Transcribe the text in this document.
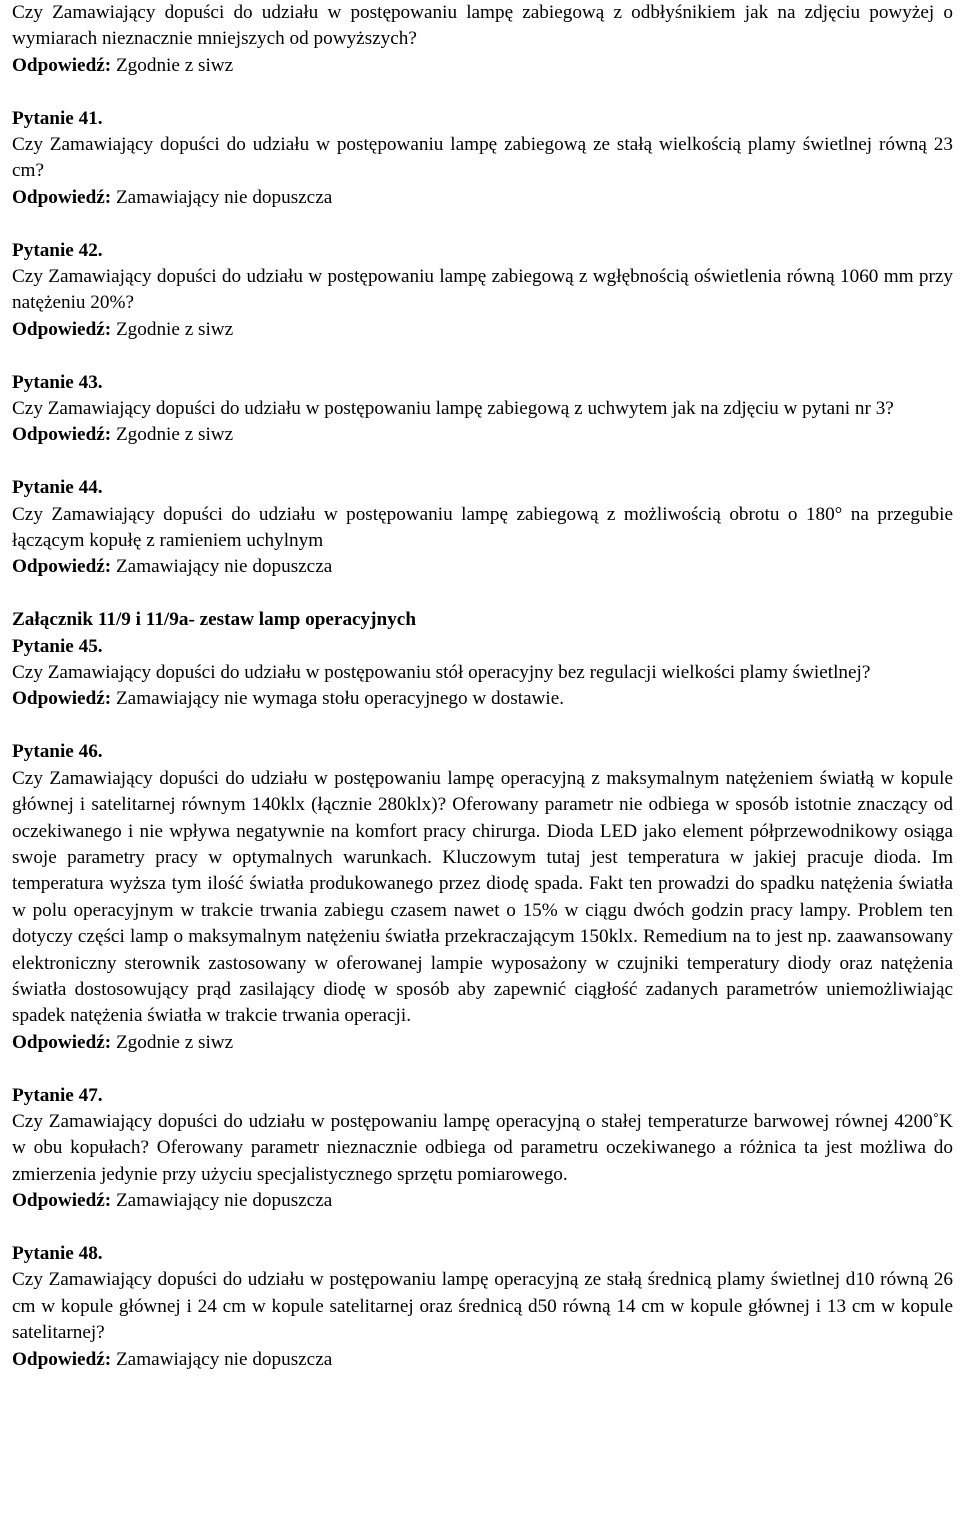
Czy Zamawiający dopuści do udziału w postępowaniu lampę zabiegową z odbłyśnikiem jak na zdjęciu powyżej o wymiarach nieznacznie mniejszych od powyższych?

Odpowiedź: Zgodnie z siwz

Pytanie 41.

Czy Zamawiający dopuści do udziału w postępowaniu lampę zabiegową ze stałą wielkością plamy świetlnej równą 23 cm?

Odpowiedź: Zamawiający nie dopuszcza

Pytanie 42.

Czy Zamawiający dopuści do udziału w postępowaniu lampę zabiegową z wgłębnością oświetlenia równą 1060 mm przy natężeniu 20%?

Odpowiedź: Zgodnie z siwz

Pytanie 43.

Czy Zamawiający dopuści do udziału w postępowaniu lampę zabiegową z uchwytem jak na zdjęciu w pytani nr 3?

Odpowiedź: Zgodnie z siwz

Pytanie 44.

Czy Zamawiający dopuści do udziału w postępowaniu lampę zabiegową z możliwością obrotu o 180° na przegubie łączącym kopułę z ramieniem uchylnym

Odpowiedź: Zamawiający nie dopuszcza

Załącznik 11/9 i 11/9a- zestaw lamp operacyjnych

Pytanie 45.

Czy Zamawiający dopuści do udziału w postępowaniu stół operacyjny bez regulacji wielkości plamy świetlnej?

Odpowiedź: Zamawiający nie wymaga stołu operacyjnego w dostawie.

Pytanie 46.

Czy Zamawiający dopuści do udziału w postępowaniu lampę operacyjną z maksymalnym natężeniem światłą w kopule głównej i satelitarnej równym 140klx (łącznie 280klx)? Oferowany parametr nie odbiega w sposób istotnie znaczący od oczekiwanego i nie wpływa negatywnie na komfort pracy chirurga. Dioda LED jako element półprzewodnikowy osiąga swoje parametry pracy w optymalnych warunkach. Kluczowym tutaj jest temperatura w jakiej pracuje dioda. Im temperatura wyższa tym ilość światła produkowanego przez diodę spada. Fakt ten prowadzi do spadku natężenia światła w polu operacyjnym w trakcie trwania zabiegu czasem nawet o 15% w ciągu dwóch godzin pracy lampy. Problem ten dotyczy części lamp o maksymalnym natężeniu światła przekraczającym 150klx. Remedium na to jest np. zaawansowany elektroniczny sterownik zastosowany w oferowanej lampie wyposażony w czujniki temperatury diody oraz natężenia światła dostosowujący prąd zasilający diodę w sposób aby zapewnić ciągłość zadanych parametrów uniemożliwiając spadek natężenia światła w trakcie trwania operacji.

Odpowiedź: Zgodnie z siwz

Pytanie 47.

Czy Zamawiający dopuści do udziału w postępowaniu lampę operacyjną o stałej temperaturze barwowej równej 4200˚K w obu kopułach? Oferowany parametr nieznacznie odbiega od parametru oczekiwanego a różnica ta jest możliwa do zmierzenia jedynie przy użyciu specjalistycznego sprzętu pomiarowego.

Odpowiedź: Zamawiający nie dopuszcza

Pytanie 48.

Czy Zamawiający dopuści do udziału w postępowaniu lampę operacyjną ze stałą średnicą plamy świetlnej d10 równą 26 cm w kopule głównej i 24 cm w kopule satelitarnej oraz średnicą d50 równą 14 cm w kopule głównej i 13 cm w kopule satelitarnej?

Odpowiedź: Zamawiający nie dopuszcza
